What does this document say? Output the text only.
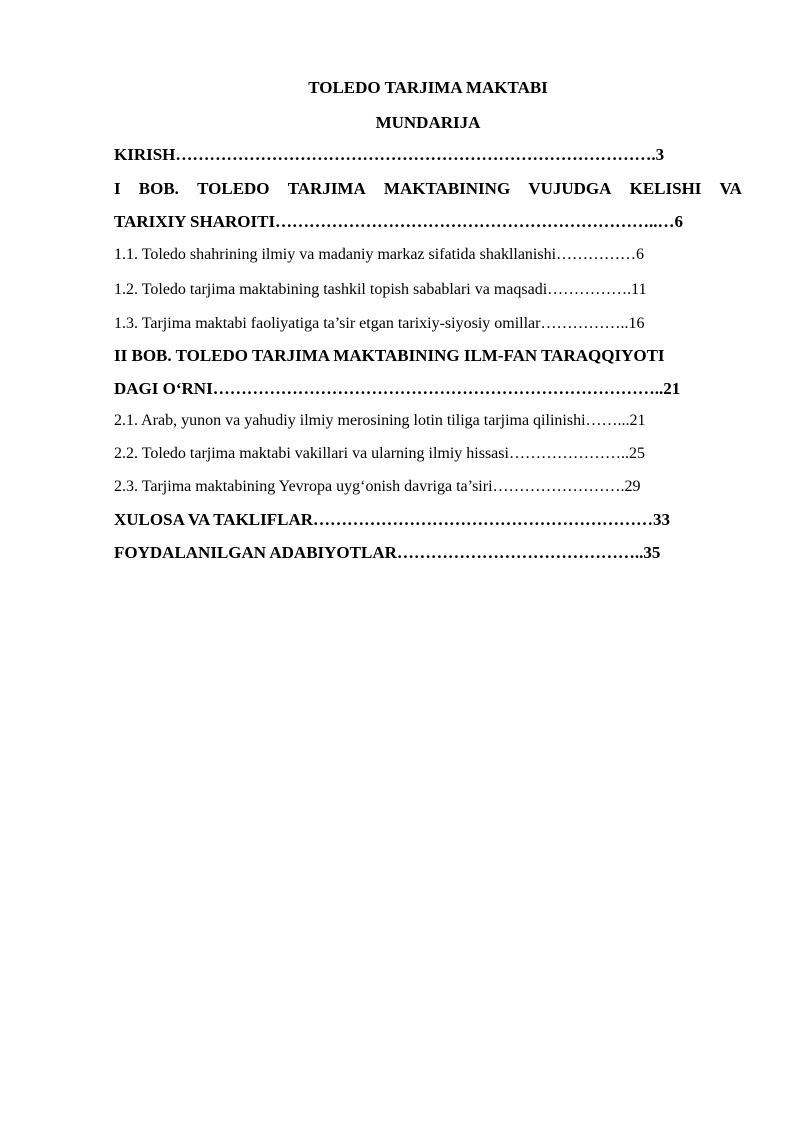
TOLEDO TARJIMA MAKTABI
MUNDARIJA
KIRISH………………………………………………………………………….3
I BOB. TOLEDO TARJIMA MAKTABINING VUJUDGA KELISHI VA
TARIXIY SHAROITI…………………………………………………………..…6
1.1. Toledo shahrining ilmiy va madaniy markaz sifatida shakllanishi……………6
1.2. Toledo tarjima maktabining tashkil topish sabablari va maqsadi…………….11
1.3. Tarjima maktabi faoliyatiga ta’sir etgan tarixiy-siyosiy omillar……………..16
II BOB. TOLEDO TARJIMA MAKTABINING ILM-FAN TARAQQIYOTI
DAGI O‘RNI……………………………………………………………………..21
2.1. Arab, yunon va yahudiy ilmiy merosining lotin tiliga tarjima qilinishi……...21
2.2. Toledo tarjima maktabi vakillari va ularning ilmiy hissasi…………………..25
2.3. Tarjima maktabining Yevropa uyg‘onish davriga ta’siri…………………….29
XULOSA VA TAKLIFLAR……………………………………………………33
FOYDALANILGAN ADABIYOTLAR……………………………………..35
